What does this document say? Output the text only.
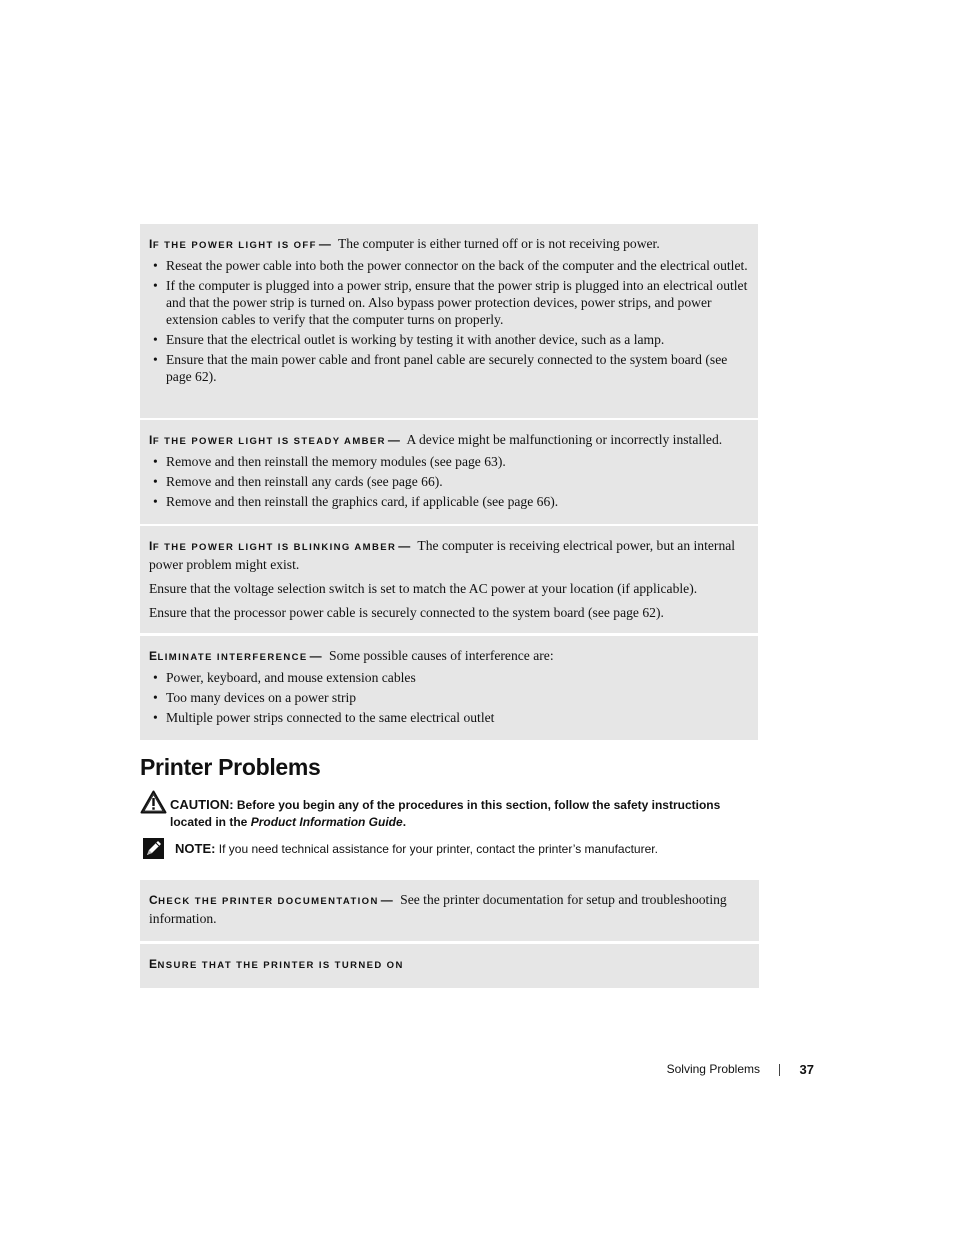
IF THE POWER LIGHT IS OFF — The computer is either turned off or is not receiving power.

• Reseat the power cable into both the power connector on the back of the computer and the electrical outlet.
• If the computer is plugged into a power strip, ensure that the power strip is plugged into an electrical outlet and that the power strip is turned on. Also bypass power protection devices, power strips, and power extension cables to verify that the computer turns on properly.
• Ensure that the electrical outlet is working by testing it with another device, such as a lamp.
• Ensure that the main power cable and front panel cable are securely connected to the system board (see page 62).

IF THE POWER LIGHT IS STEADY AMBER — A device might be malfunctioning or incorrectly installed.

• Remove and then reinstall the memory modules (see page 63).
• Remove and then reinstall any cards (see page 66).
• Remove and then reinstall the graphics card, if applicable (see page 66).

IF THE POWER LIGHT IS BLINKING AMBER — The computer is receiving electrical power, but an internal power problem might exist.

Ensure that the voltage selection switch is set to match the AC power at your location (if applicable).

Ensure that the processor power cable is securely connected to the system board (see page 62).

ELIMINATE INTERFERENCE — Some possible causes of interference are:

• Power, keyboard, and mouse extension cables
• Too many devices on a power strip
• Multiple power strips connected to the same electrical outlet
Printer Problems
CAUTION: Before you begin any of the procedures in this section, follow the safety instructions located in the Product Information Guide.
NOTE: If you need technical assistance for your printer, contact the printer’s manufacturer.

CHECK THE PRINTER DOCUMENTATION — See the printer documentation for setup and troubleshooting information.

ENSURE THAT THE PRINTER IS TURNED ON

Solving Problems	37
